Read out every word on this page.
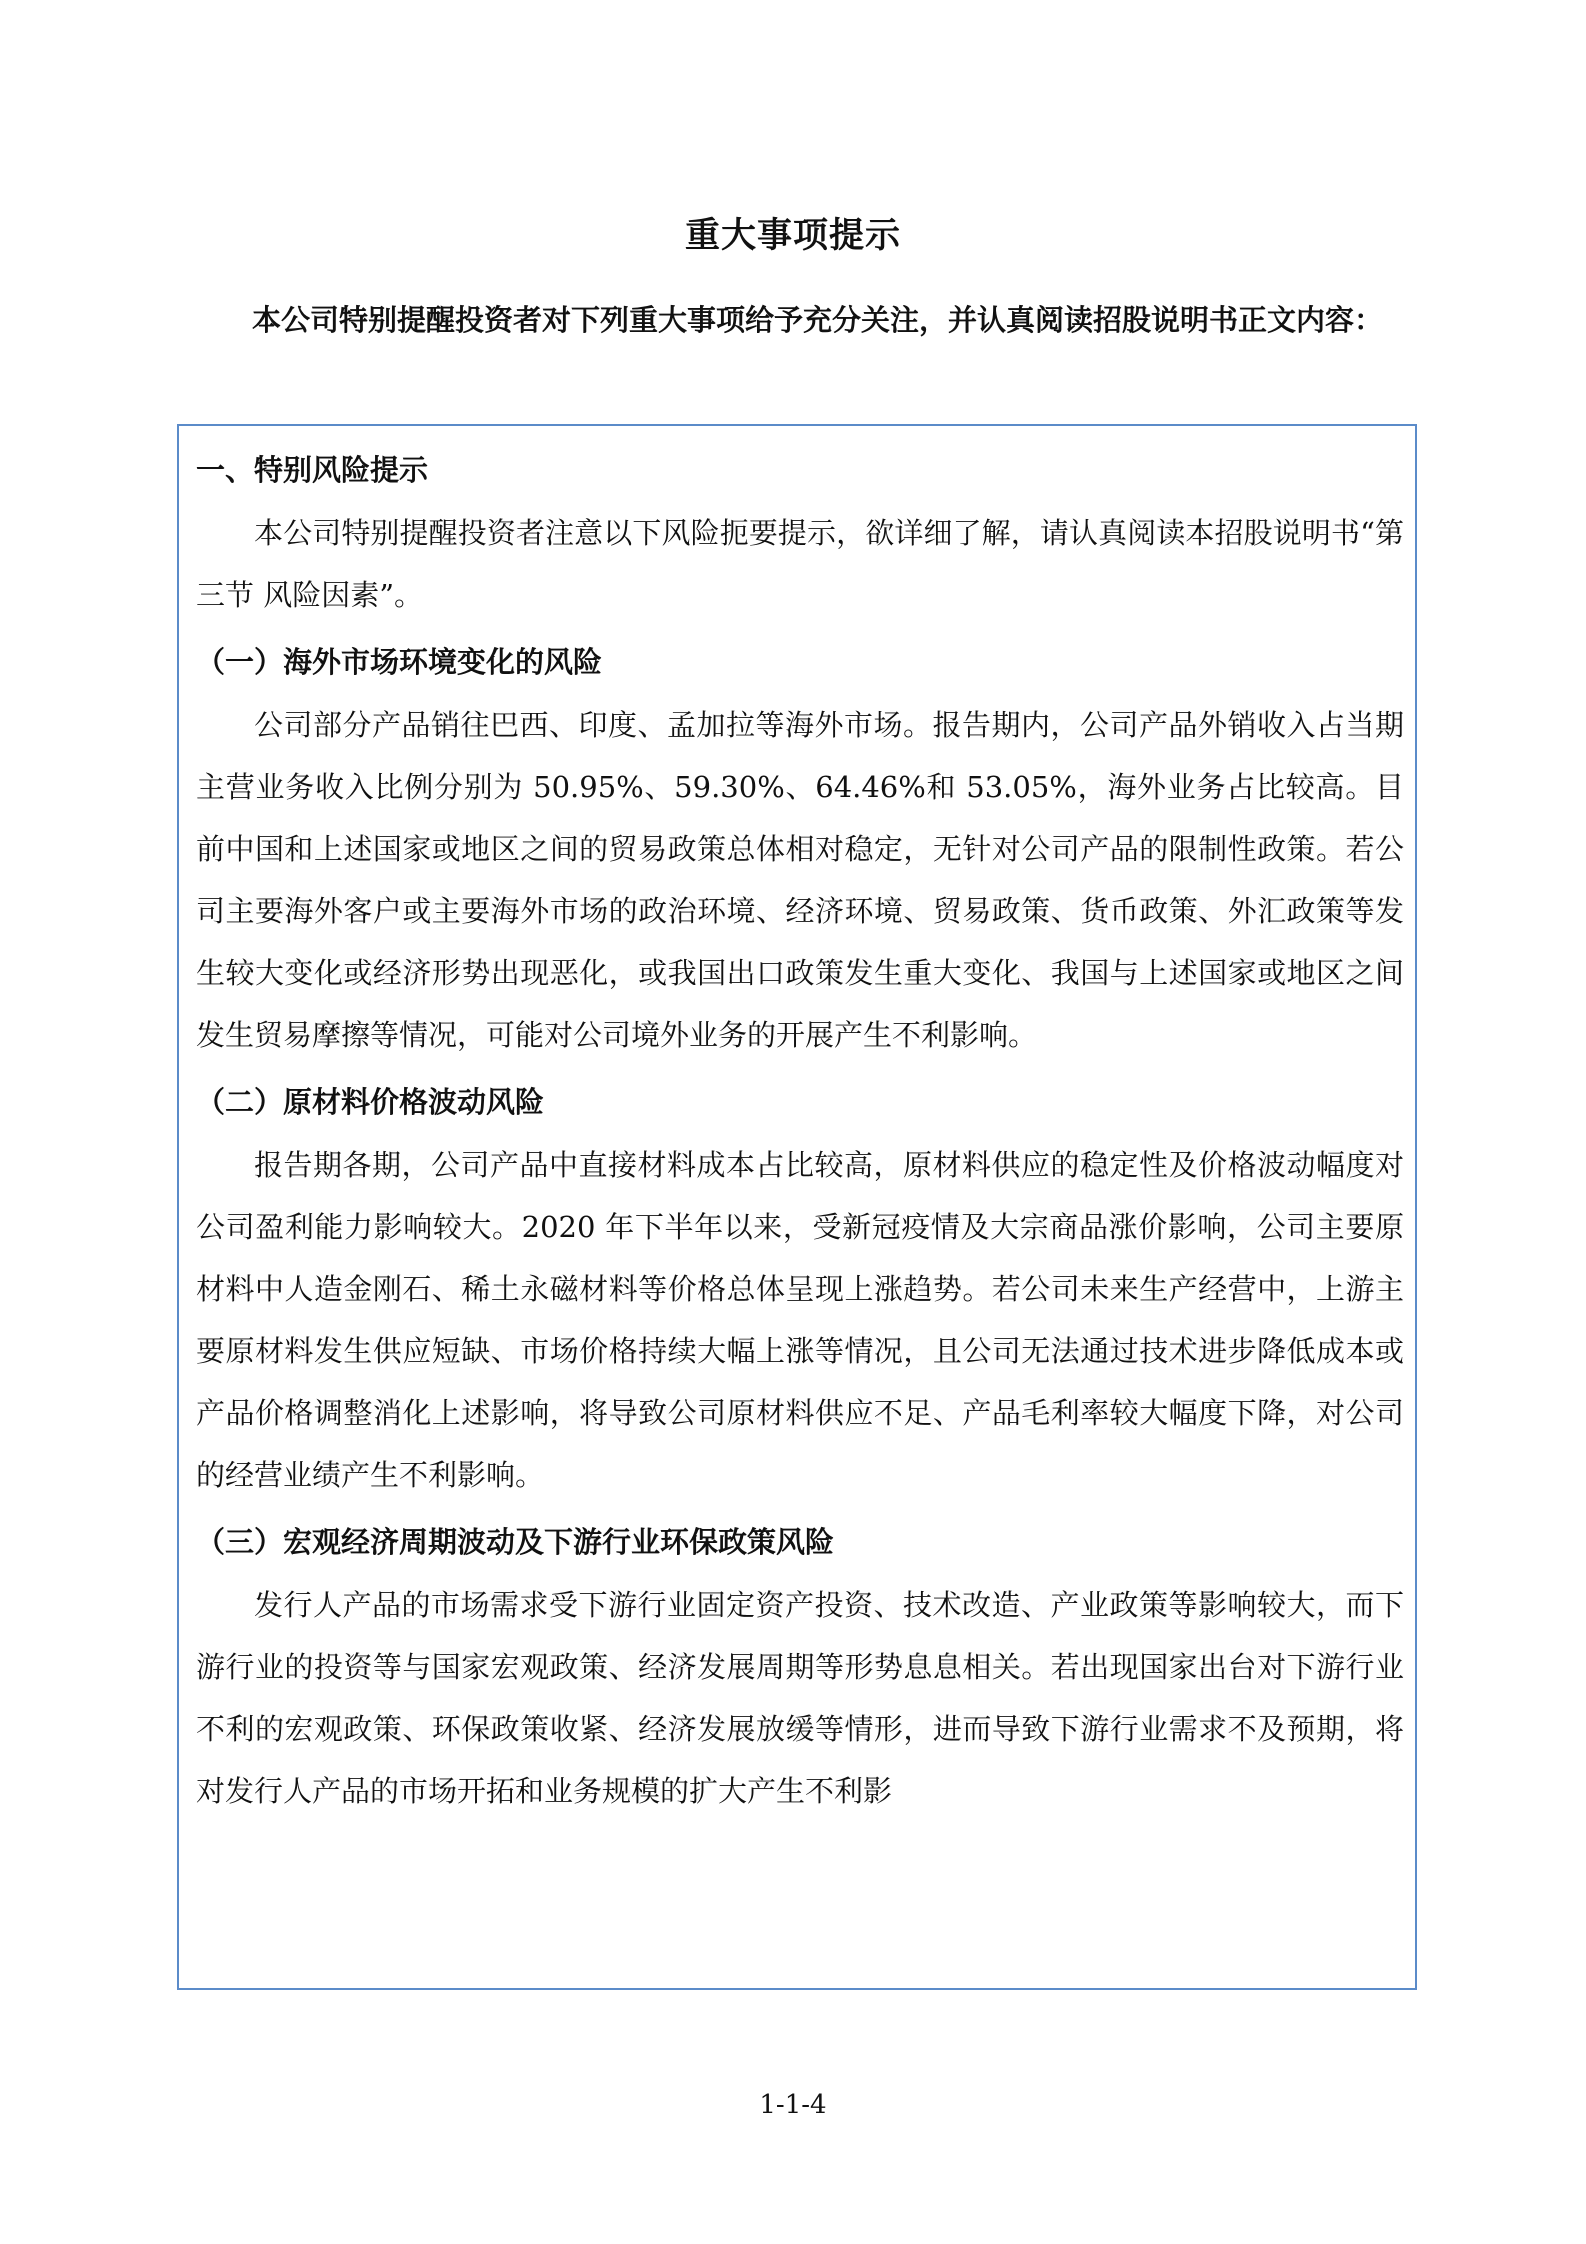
重大事项提示

本公司特别提醒投资者对下列重大事项给予充分关注，并认真阅读招股说明书正文内容：

一、特别风险提示

本公司特别提醒投资者注意以下风险扼要提示，欲详细了解，请认真阅读本招股说明书“第三节 风险因素”。

（一）海外市场环境变化的风险

公司部分产品销往巴西、印度、孟加拉等海外市场。报告期内，公司产品外销收入占当期主营业务收入比例分别为 50.95%、59.30%、64.46%和 53.05%，海外业务占比较高。目前中国和上述国家或地区之间的贸易政策总体相对稳定，无针对公司产品的限制性政策。若公司主要海外客户或主要海外市场的政治环境、经济环境、贸易政策、货币政策、外汇政策等发生较大变化或经济形势出现恶化，或我国出口政策发生重大变化、我国与上述国家或地区之间发生贸易摩擦等情况，可能对公司境外业务的开展产生不利影响。

（二）原材料价格波动风险

报告期各期，公司产品中直接材料成本占比较高，原材料供应的稳定性及价格波动幅度对公司盈利能力影响较大。2020 年下半年以来，受新冠疫情及大宗商品涨价影响，公司主要原材料中人造金刚石、稀土永磁材料等价格总体呈现上涨趋势。若公司未来生产经营中，上游主要原材料发生供应短缺、市场价格持续大幅上涨等情况，且公司无法通过技术进步降低成本或产品价格调整消化上述影响，将导致公司原材料供应不足、产品毛利率较大幅度下降，对公司的经营业绩产生不利影响。

（三）宏观经济周期波动及下游行业环保政策风险

发行人产品的市场需求受下游行业固定资产投资、技术改造、产业政策等影响较大，而下游行业的投资等与国家宏观政策、经济发展周期等形势息息相关。若出现国家出台对下游行业不利的宏观政策、环保政策收紧、经济发展放缓等情形，进而导致下游行业需求不及预期，将对发行人产品的市场开拓和业务规模的扩大产生不利影

1-1-4
